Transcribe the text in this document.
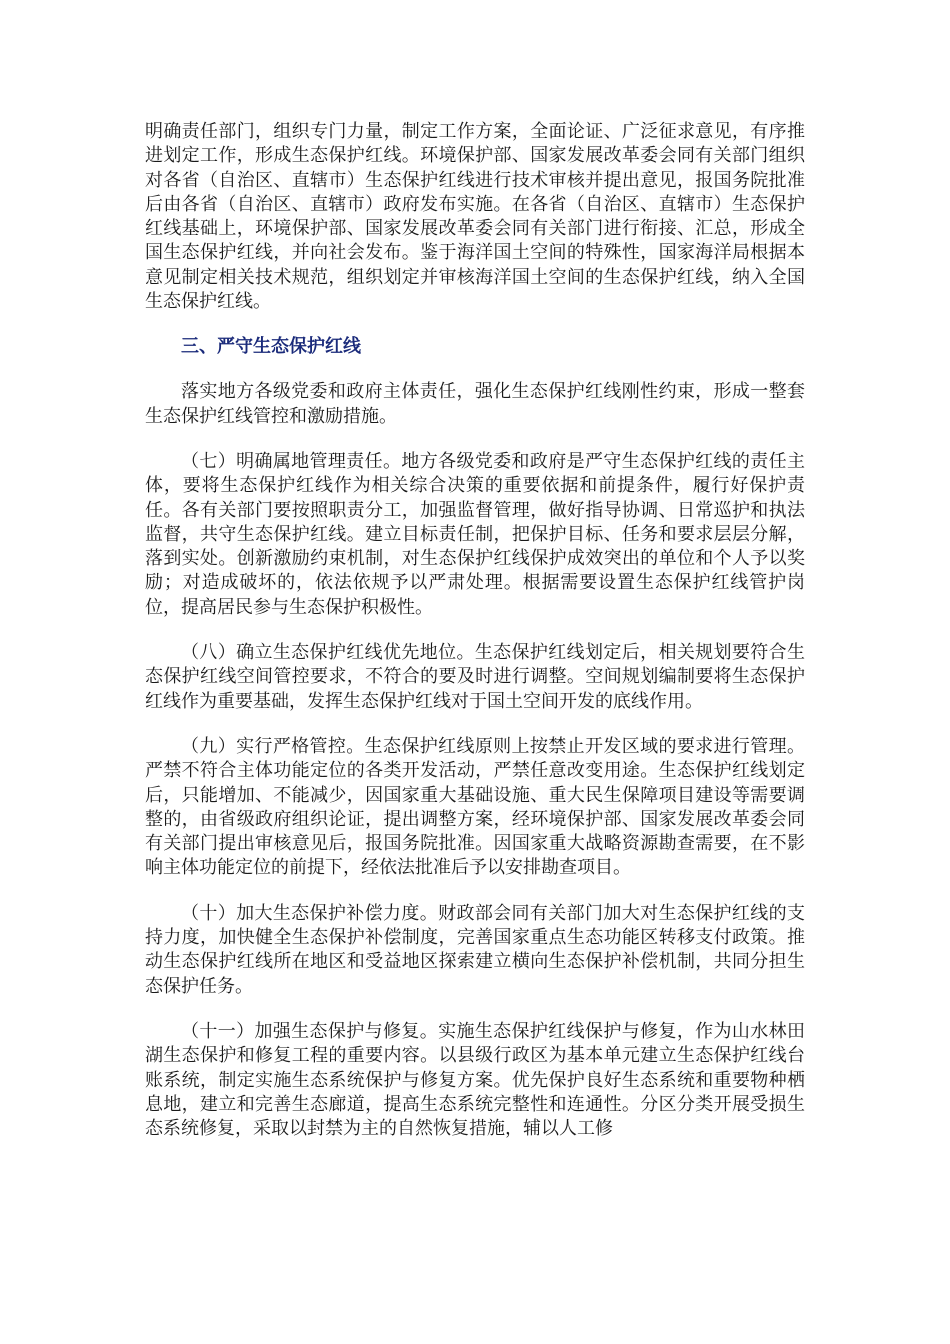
明确责任部门，组织专门力量，制定工作方案，全面论证、广泛征求意见，有序推进划定工作，形成生态保护红线。环境保护部、国家发展改革委会同有关部门组织对各省（自治区、直辖市）生态保护红线进行技术审核并提出意见，报国务院批准后由各省（自治区、直辖市）政府发布实施。在各省（自治区、直辖市）生态保护红线基础上，环境保护部、国家发展改革委会同有关部门进行衔接、汇总，形成全国生态保护红线，并向社会发布。鉴于海洋国土空间的特殊性，国家海洋局根据本意见制定相关技术规范，组织划定并审核海洋国土空间的生态保护红线，纳入全国生态保护红线。

三、严守生态保护红线

落实地方各级党委和政府主体责任，强化生态保护红线刚性约束，形成一整套生态保护红线管控和激励措施。

（七）明确属地管理责任。地方各级党委和政府是严守生态保护红线的责任主体，要将生态保护红线作为相关综合决策的重要依据和前提条件，履行好保护责任。各有关部门要按照职责分工，加强监督管理，做好指导协调、日常巡护和执法监督，共守生态保护红线。建立目标责任制，把保护目标、任务和要求层层分解，落到实处。创新激励约束机制，对生态保护红线保护成效突出的单位和个人予以奖励；对造成破坏的，依法依规予以严肃处理。根据需要设置生态保护红线管护岗位，提高居民参与生态保护积极性。

（八）确立生态保护红线优先地位。生态保护红线划定后，相关规划要符合生态保护红线空间管控要求，不符合的要及时进行调整。空间规划编制要将生态保护红线作为重要基础，发挥生态保护红线对于国土空间开发的底线作用。

（九）实行严格管控。生态保护红线原则上按禁止开发区域的要求进行管理。严禁不符合主体功能定位的各类开发活动，严禁任意改变用途。生态保护红线划定后，只能增加、不能减少，因国家重大基础设施、重大民生保障项目建设等需要调整的，由省级政府组织论证，提出调整方案，经环境保护部、国家发展改革委会同有关部门提出审核意见后，报国务院批准。因国家重大战略资源勘查需要，在不影响主体功能定位的前提下，经依法批准后予以安排勘查项目。

（十）加大生态保护补偿力度。财政部会同有关部门加大对生态保护红线的支持力度，加快健全生态保护补偿制度，完善国家重点生态功能区转移支付政策。推动生态保护红线所在地区和受益地区探索建立横向生态保护补偿机制，共同分担生态保护任务。

（十一）加强生态保护与修复。实施生态保护红线保护与修复，作为山水林田湖生态保护和修复工程的重要内容。以县级行政区为基本单元建立生态保护红线台账系统，制定实施生态系统保护与修复方案。优先保护良好生态系统和重要物种栖息地，建立和完善生态廊道，提高生态系统完整性和连通性。分区分类开展受损生态系统修复，采取以封禁为主的自然恢复措施，辅以人工修
